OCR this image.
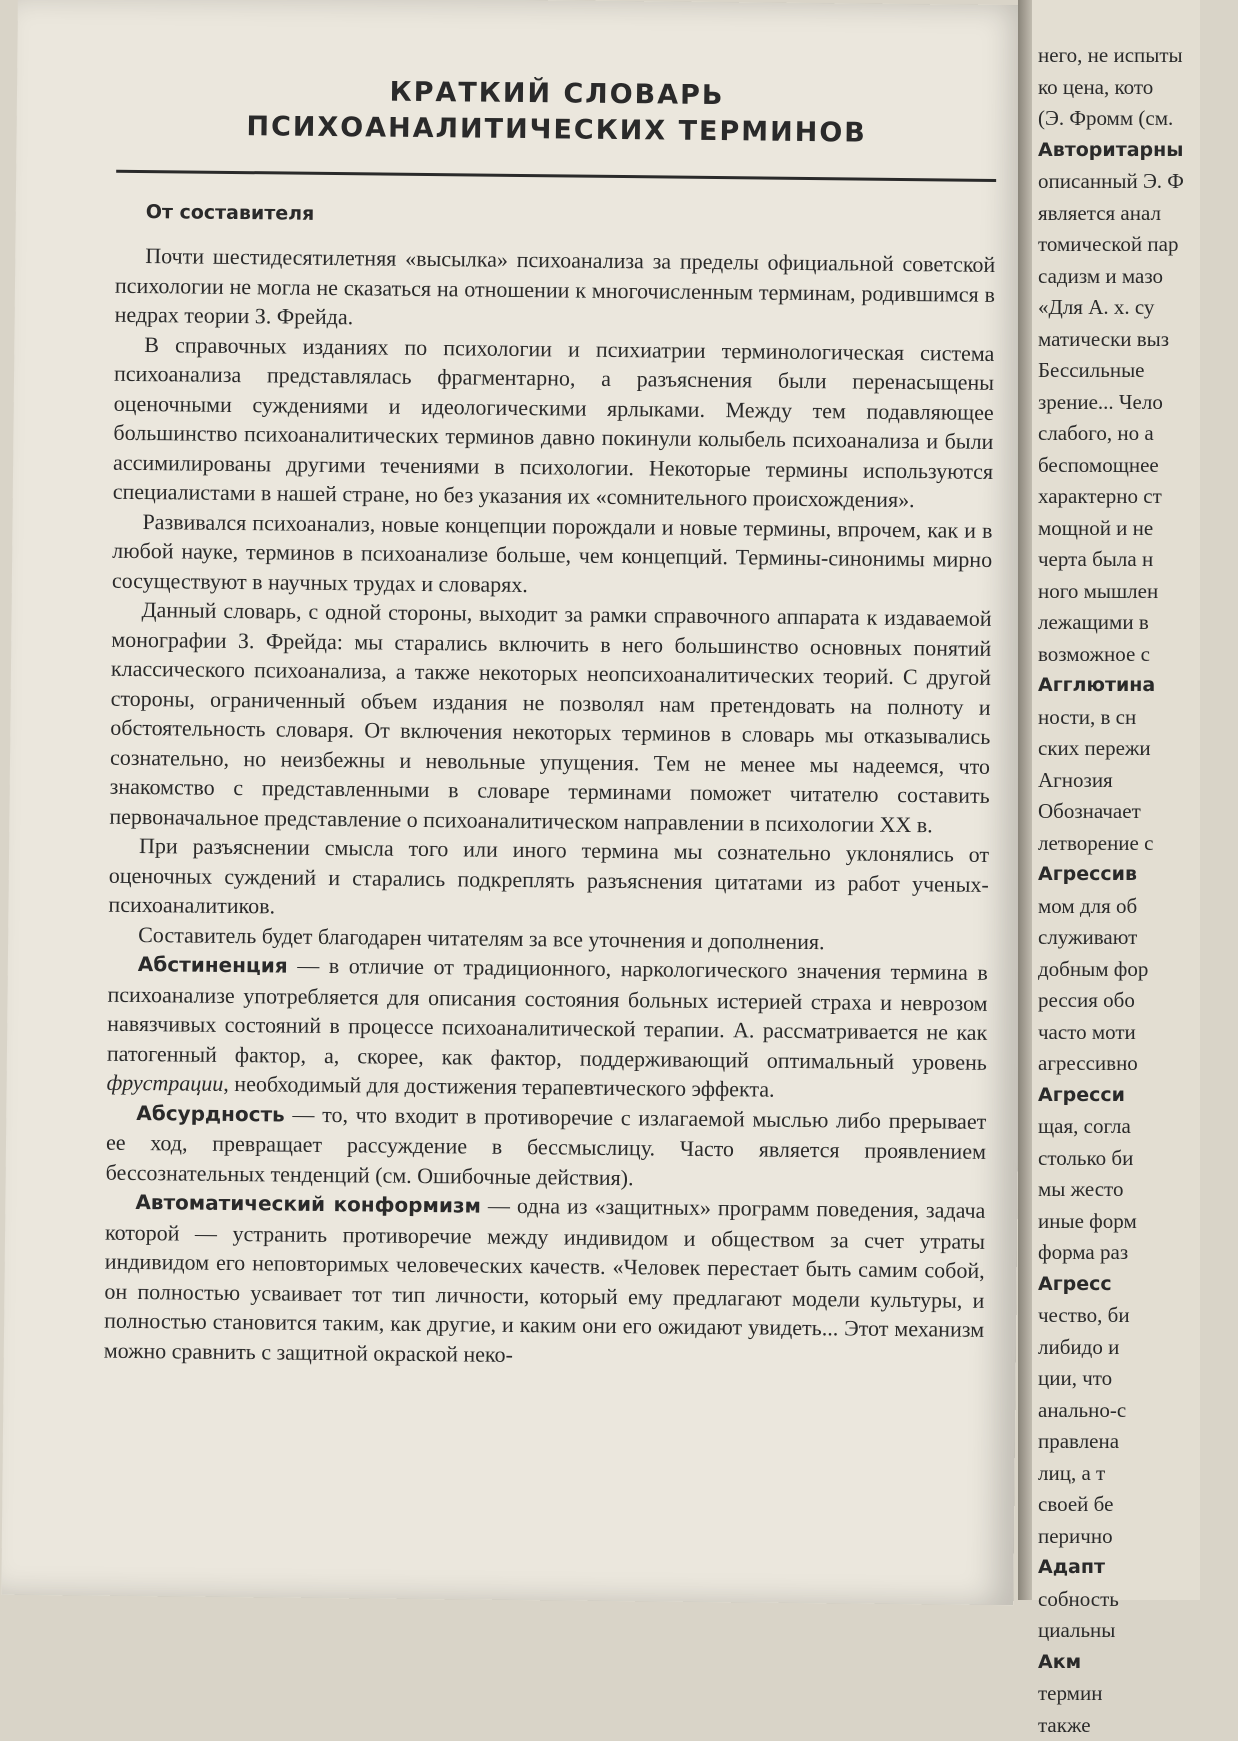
КРАТКИЙ СЛОВАРЬ
ПСИХОАНАЛИТИЧЕСКИХ ТЕРМИНОВ
От составителя

Почти шестидесятилетняя «высылка» психоанализа за пределы официальной советской психологии не могла не сказаться на отношении к многочисленным терминам, родившимся в недрах теории З. Фрейда.

В справочных изданиях по психологии и психиатрии терминологическая система психоанализа представлялась фрагментарно, а разъяснения были перенасыщены оценочными суждениями и идеологическими ярлыками. Между тем подавляющее большинство психоаналитических терминов давно покинули колыбель психоанализа и были ассимилированы другими течениями в психологии. Некоторые термины используются специалистами в нашей стране, но без указания их «сомнительного происхождения».

Развивался психоанализ, новые концепции порождали и новые термины, впрочем, как и в любой науке, терминов в психоанализе больше, чем концепций. Термины-синонимы мирно сосуществуют в научных трудах и словарях.

Данный словарь, с одной стороны, выходит за рамки справочного аппарата к издаваемой монографии З. Фрейда: мы старались включить в него большинство основных понятий классического психоанализа, а также некоторых неопсихоаналитических теорий. С другой стороны, ограниченный объем издания не позволял нам претендовать на полноту и обстоятельность словаря. От включения некоторых терминов в словарь мы отказывались сознательно, но неизбежны и невольные упущения. Тем не менее мы надеемся, что знакомство с представленными в словаре терминами поможет читателю составить первоначальное представление о психоаналитическом направлении в психологии XX в.

При разъяснении смысла того или иного термина мы сознательно уклонялись от оценочных суждений и старались подкреплять разъяснения цитатами из работ ученых-психоаналитиков.

Составитель будет благодарен читателям за все уточнения и дополнения.

Абстиненция — в отличие от традиционного, наркологического значения термина в психоанализе употребляется для описания состояния больных истерией страха и неврозом навязчивых состояний в процессе психоаналитической терапии. А. рассматривается не как патогенный фактор, а, скорее, как фактор, поддерживающий оптимальный уровень фрустрации, необходимый для достижения терапевтического эффекта.

Абсурдность — то, что входит в противоречие с излагаемой мыслью либо прерывает ее ход, превращает рассуждение в бессмыслицу. Часто является проявлением бессознательных тенденций (см. Ошибочные действия).

Автоматический конформизм — одна из «защитных» программ поведения, задача которой — устранить противоречие между индивидом и обществом за счет утраты индивидом его неповторимых человеческих качеств. «Человек перестает быть самим собой, он полностью усваивает тот тип личности, который ему предлагают модели культуры, и полностью становится таким, как другие, и каким они его ожидают увидеть... Этот механизм можно сравнить с защитной окраской неко-

него, не испыты
ко цена, кото
(Э. Фромм (см.
Авторитарны
описанный Э. Ф
является анал
томической пар
садизм и мазо
«Для А. х. су
матически выз
Бессильные
зрение... Чело
слабого, но а
беспомощнее
характерно ст
мощной и не
черта была н
ного мышлен
лежащими в
возможное с
Агглютина
ности, в сн
ских пережи
Агнозия
Обозначает
летворение с
Агрессив
мом для об
служивают
добным фор
рессия обо
часто моти
агрессивно
Агресси
щая, согла
столько би
мы жесто
иные форм
форма раз
Агресс
чество, би
либидо и
ции, что
анально-с
правлена
лиц, а т
своей бе
перично
Адапт
собность
циальны
Акм
термин
также
